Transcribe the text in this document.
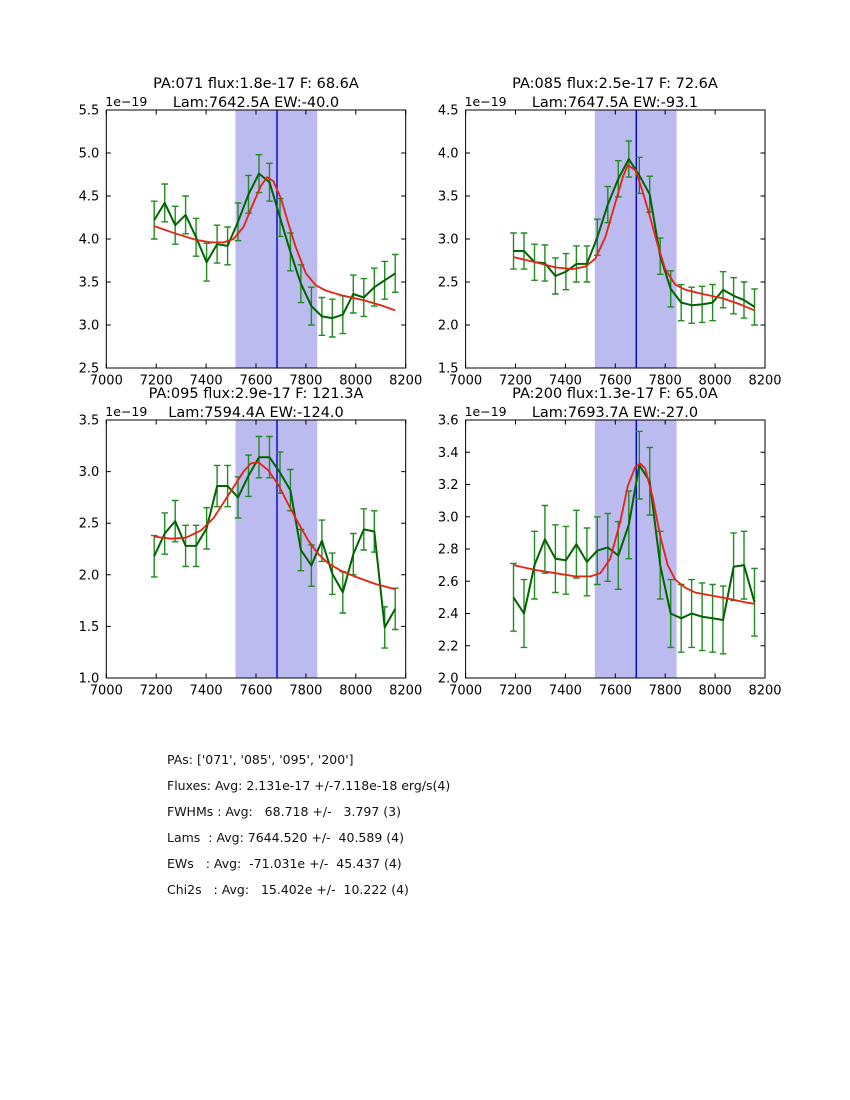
7000 7200 7400 7600 7800 8000 8200
2.5
3.0
3.5
4.0
4.5
5.0
5.5
1e−19
7000 7200 7400 7600 7800 8000 8200
1.5
2.0
2.5
3.0
3.5
4.0
4.5
1e−19
7000 7200 7400 7600 7800 8000 8200
1.0
1.5
2.0
2.5
3.0
3.5
1e−19
7000 7200 7400 7600 7800 8000 8200
2.0
2.2
2.4
2.6
2.8
3.0
3.2
3.4
3.6
1e−19
PA:071 flux:1.8e-17 F: 68.6A
Lam:7642.5A EW:-40.0
PA:085 flux:2.5e-17 F: 72.6A
Lam:7647.5A EW:-93.1
PA:095 flux:2.9e-17 F: 121.3A
Lam:7594.4A EW:-124.0
PA:200 flux:1.3e-17 F: 65.0A
Lam:7693.7A EW:-27.0
PAs: ['071', '085', '095', '200']
Fluxes: Avg: 2.131e-17 +/-7.118e-18 erg/s(4)
FWHMs : Avg:   68.718 +/-   3.797 (3)
Lams  : Avg: 7644.520 +/-  40.589 (4)
EWs   : Avg:  -71.031e +/-  45.437 (4)
Chi2s   : Avg:   15.402e +/-  10.222 (4)
